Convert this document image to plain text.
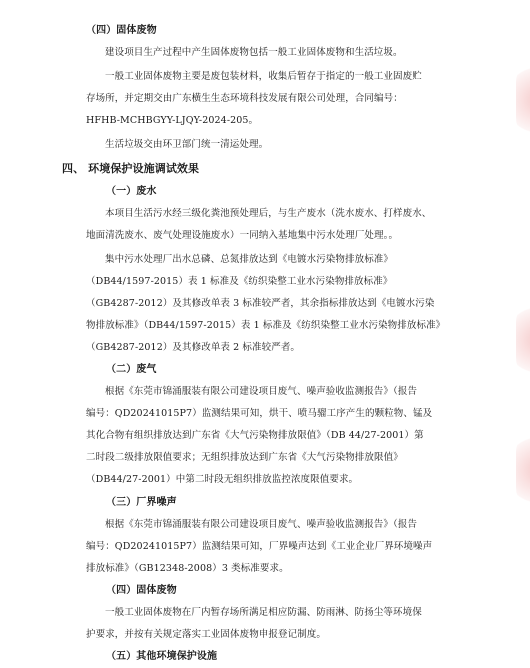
（四）固体废物
建设项目生产过程中产生固体废物包括一般工业固体废物和生活垃圾。
一般工业固体废物主要是废包装材料，收集后暂存于指定的一般工业固废贮
存场所，并定期交由广东横生生态环境科技发展有限公司处理，合同编号：
HFHB-MCHBGYY-LJQY-2024-205。
生活垃圾交由环卫部门统一清运处理。
四、 环境保护设施调试效果
（一）废水
本项目生活污水经三级化粪池预处理后，与生产废水（洗水废水、打样废水、
地面清洗废水、废气处理设施废水）一同纳入基地集中污水处理厂处理。。
集中污水处理厂出水总磷、总氮排放达到《电镀水污染物排放标准》
（DB44/1597-2015）表 1 标准及《纺织染整工业水污染物排放标准》
（GB4287-2012）及其修改单表 3 标准较严者，其余指标排放达到《电镀水污染
物排放标准》（DB44/1597-2015）表 1 标准及《纺织染整工业水污染物排放标准》
（GB4287-2012）及其修改单表 2 标准较严者。
（二）废气
根据《东莞市锦涌服装有限公司建设项目废气、噪声验收监测报告》（报告
编号：QD20241015P7）监测结果可知，烘干、喷马骝工序产生的颗粒物、锰及
其化合物有组织排放达到广东省《大气污染物排放限值》（DB 44/27-2001）第
二时段二级排放限值要求；无组织排放达到广东省《大气污染物排放限值》
（DB44/27-2001）中第二时段无组织排放监控浓度限值要求。
（三）厂界噪声
根据《东莞市锦涌服装有限公司建设项目废气、噪声验收监测报告》（报告
编号：QD20241015P7）监测结果可知，厂界噪声达到《工业企业厂界环境噪声
排放标准》（GB12348-2008）3 类标准要求。
（四）固体废物
一般工业固体废物在厂内暂存场所满足相应防漏、防雨淋、防扬尘等环境保
护要求，并按有关规定落实工业固体废物申报登记制度。
（五）其他环境保护设施
